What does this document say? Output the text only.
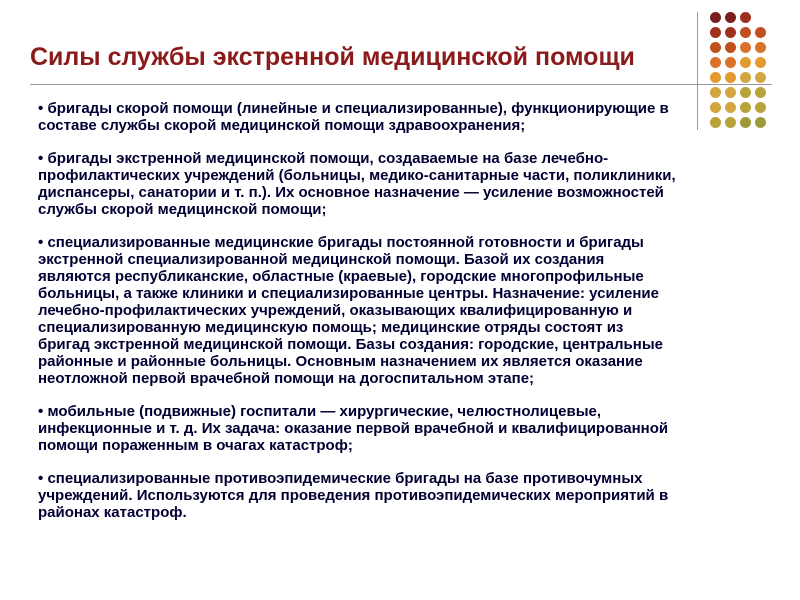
Силы службы экстренной медицинской помощи
• бригады скорой помощи (линейные и специализированные), функционирующие в
составе службы скорой медицинской помощи здравоохранения;
• бригады экстренной медицинской помощи, создаваемые на базе лечебно-
профилактических учреждений (больницы, медико-санитарные части, поликлиники,
диспансеры, санатории и т. п.). Их основное назначение — усиление возможностей
службы скорой медицинской помощи;
• специализированные медицинские бригады постоянной готовности и бригады
экстренной специализированной медицинской помощи. Базой их создания
являются республиканские, областные (краевые), городские многопрофильные
больницы, а также клиники и специализированные центры. Назначение: усиление
лечебно-профилактических учреждений, оказывающих квалифицированную и
специализированную медицинскую помощь; медицинские отряды состоят из
бригад экстренной медицинской помощи. Базы создания: городские, центральные
районные и районные больницы. Основным назначением их является оказание
неотложной первой врачебной помощи на догоспитальном этапе;
• мобильные (подвижные) госпитали — хирургические, челюстнолицевые,
инфекционные и т. д. Их задача: оказание первой врачебной и квалифицированной
помощи пораженным в очагах катастроф;
• специализированные противоэпидемические бригады на базе противочумных
учреждений. Используются для проведения противоэпидемических мероприятий в
районах катастроф.
